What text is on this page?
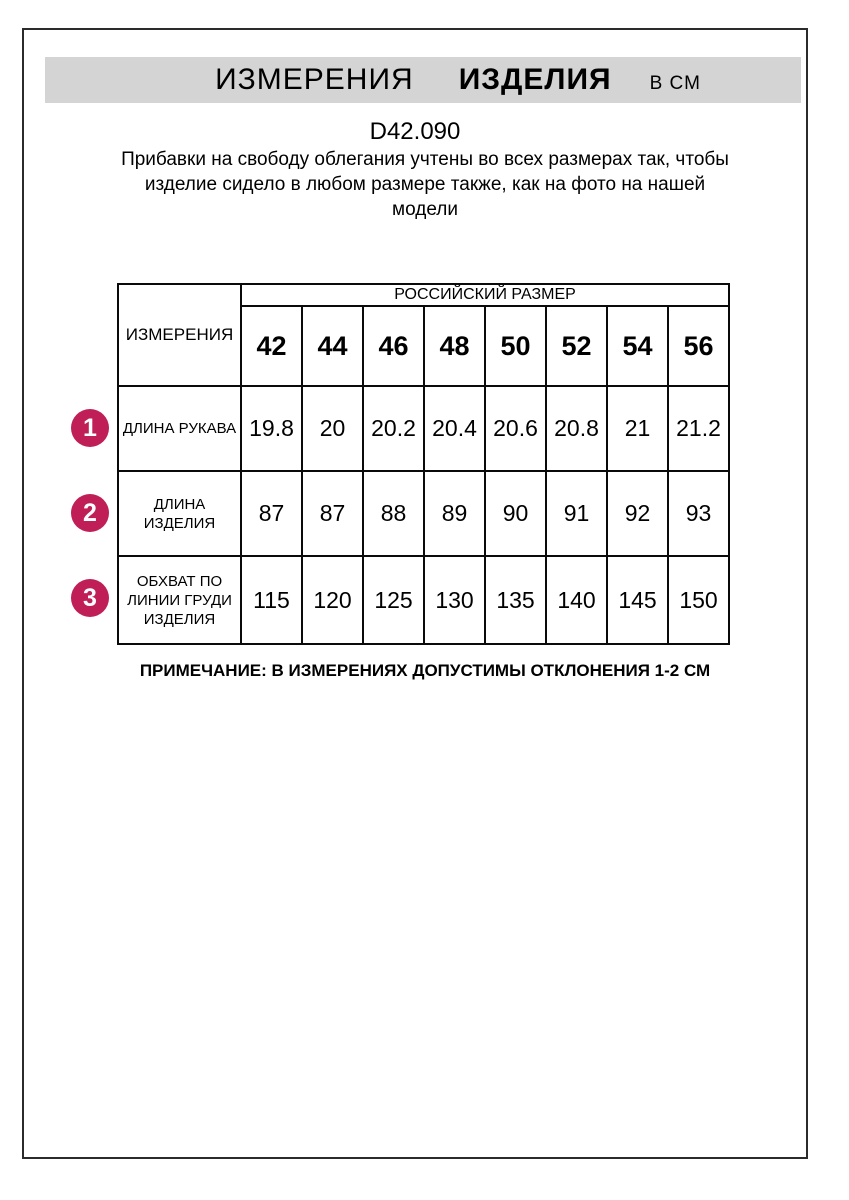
ИЗМЕРЕНИЯ ИЗДЕЛИЯ В СМ
D42.090
Прибавки на свободу облегания учтены во всех размерах так, чтобы
изделие сидело в любом размере также, как на фото на нашей
модели
ИЗМЕРЕНИЯ	РОССИЙСКИЙ РАЗМЕР							
	42	44	46	48	50	52	54	56
ДЛИНА РУКАВА	19.8	20	20.2	20.4	20.6	20.8	21	21.2
ДЛИНА
ИЗДЕЛИЯ	87	87	88	89	90	91	92	93
ОБХВАТ ПО
ЛИНИИ ГРУДИ
ИЗДЕЛИЯ	115	120	125	130	135	140	145	150
1
2
3
ПРИМЕЧАНИЕ: В ИЗМЕРЕНИЯХ ДОПУСТИМЫ ОТКЛОНЕНИЯ 1-2 СМ
